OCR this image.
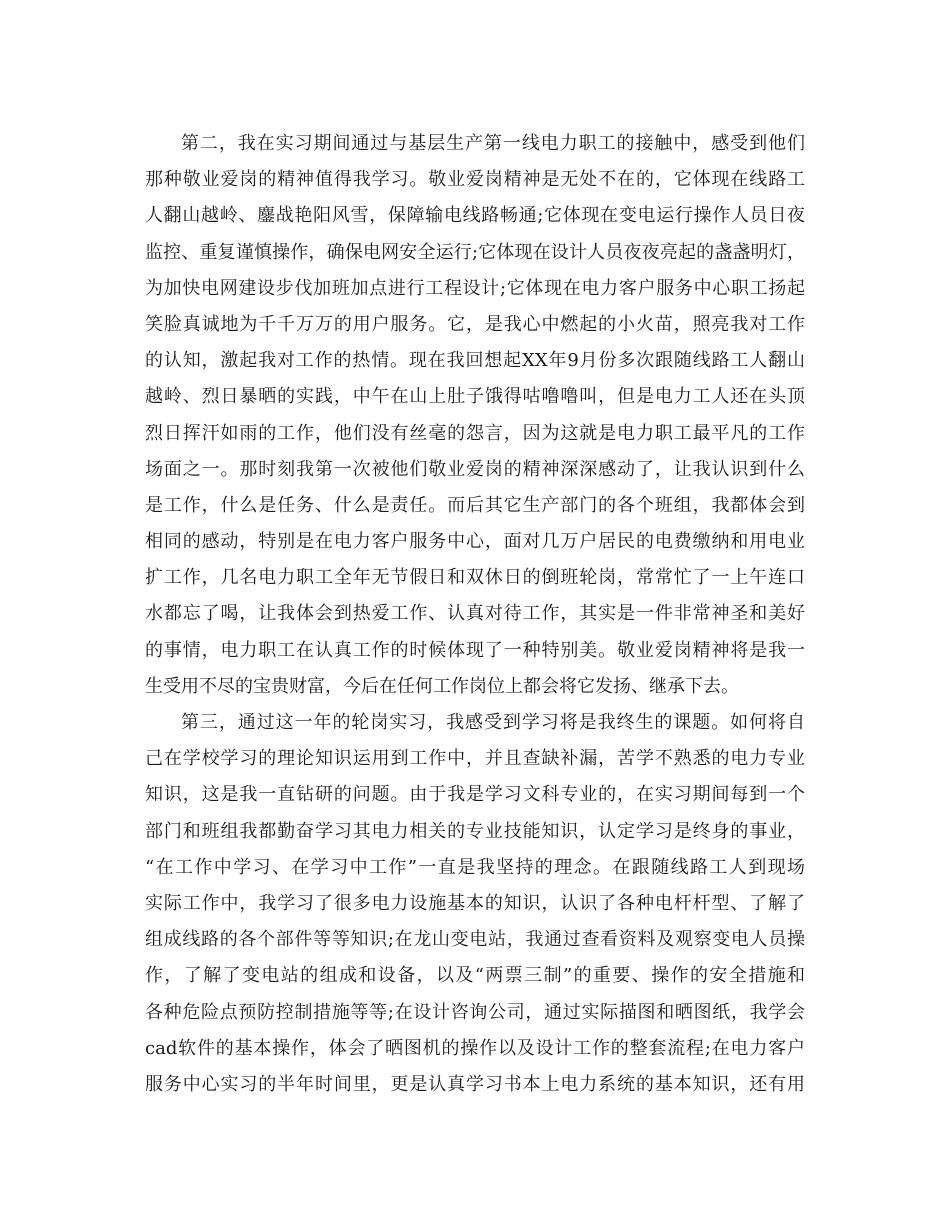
第二，我在实习期间通过与基层生产第一线电力职工的接触中，感受到他们

那种敬业爱岗的精神值得我学习。敬业爱岗精神是无处不在的，它体现在线路工

人翻山越岭、鏖战艳阳风雪，保障输电线路畅通;它体现在变电运行操作人员日夜

监控、重复谨慎操作，确保电网安全运行;它体现在设计人员夜夜亮起的盏盏明灯，

为加快电网建设步伐加班加点进行工程设计;它体现在电力客户服务中心职工扬起

笑脸真诚地为千千万万的用户服务。它，是我心中燃起的小火苗，照亮我对工作

的认知，激起我对工作的热情。现在我回想起XX年9月份多次跟随线路工人翻山

越岭、烈日暴晒的实践，中午在山上肚子饿得咕噜噜叫，但是电力工人还在头顶

烈日挥汗如雨的工作，他们没有丝毫的怨言，因为这就是电力职工最平凡的工作

场面之一。那时刻我第一次被他们敬业爱岗的精神深深感动了，让我认识到什么

是工作，什么是任务、什么是责任。而后其它生产部门的各个班组，我都体会到

相同的感动，特别是在电力客户服务中心，面对几万户居民的电费缴纳和用电业

扩工作，几名电力职工全年无节假日和双休日的倒班轮岗，常常忙了一上午连口

水都忘了喝，让我体会到热爱工作、认真对待工作，其实是一件非常神圣和美好

的事情，电力职工在认真工作的时候体现了一种特别美。敬业爱岗精神将是我一

生受用不尽的宝贵财富，今后在任何工作岗位上都会将它发扬、继承下去。

第三，通过这一年的轮岗实习，我感受到学习将是我终生的课题。如何将自

己在学校学习的理论知识运用到工作中，并且查缺补漏，苦学不熟悉的电力专业

知识，这是我一直钻研的问题。由于我是学习文科专业的，在实习期间每到一个

部门和班组我都勤奋学习其电力相关的专业技能知识，认定学习是终身的事业，

“在工作中学习、在学习中工作”一直是我坚持的理念。在跟随线路工人到现场

实际工作中，我学习了很多电力设施基本的知识，认识了各种电杆杆型、了解了

组成线路的各个部件等等知识;在龙山变电站，我通过查看资料及观察变电人员操

作，了解了变电站的组成和设备，以及“两票三制”的重要、操作的安全措施和

各种危险点预防控制措施等等;在设计咨询公司，通过实际描图和晒图纸，我学会

cad软件的基本操作，体会了晒图机的操作以及设计工作的整套流程;在电力客户

服务中心实习的半年时间里，更是认真学习书本上电力系统的基本知识，还有用
